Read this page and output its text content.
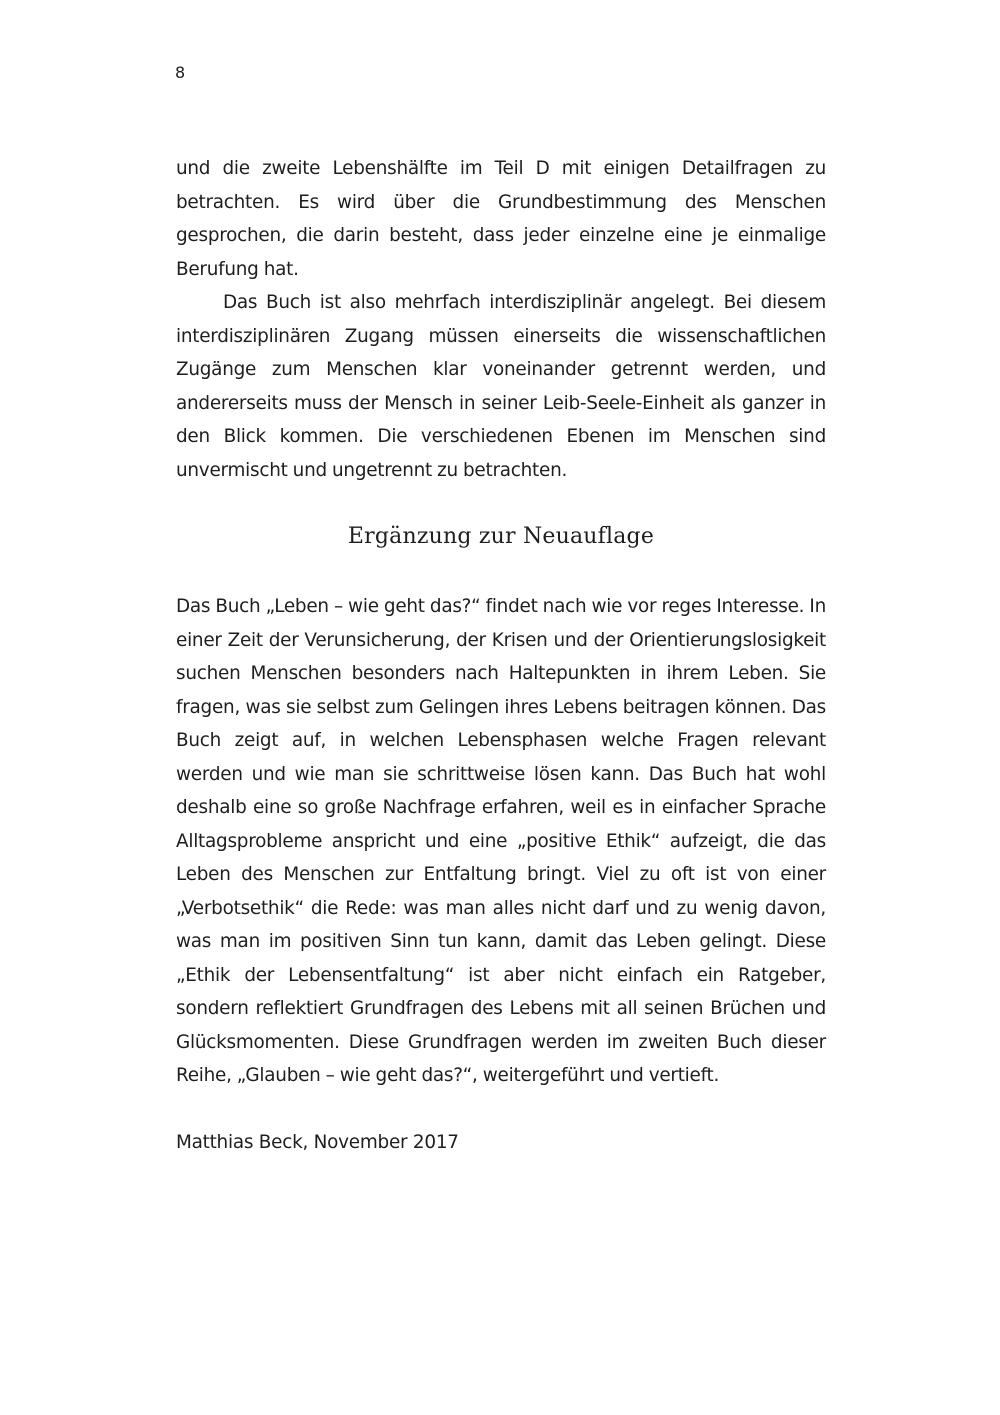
8

und die zweite Lebenshälfte im Teil D mit einigen Detailfragen zu betrachten. Es wird über die Grundbestimmung des Menschen gesprochen, die darin besteht, dass jeder einzelne eine je einmalige Berufung hat.

Das Buch ist also mehrfach interdisziplinär angelegt. Bei diesem interdisziplinären Zugang müssen einerseits die wissenschaftlichen Zugänge zum Menschen klar voneinander getrennt werden, und andererseits muss der Mensch in seiner Leib-Seele-Einheit als ganzer in den Blick kommen. Die verschiedenen Ebenen im Menschen sind unvermischt und ungetrennt zu betrachten.

Ergänzung zur Neuauflage

Das Buch „Leben – wie geht das?“ findet nach wie vor reges Interesse. In einer Zeit der Verunsicherung, der Krisen und der Orientierungslosigkeit suchen Menschen besonders nach Haltepunkten in ihrem Leben. Sie fragen, was sie selbst zum Gelingen ihres Lebens beitragen können. Das Buch zeigt auf, in welchen Lebensphasen welche Fragen relevant werden und wie man sie schrittweise lösen kann. Das Buch hat wohl deshalb eine so große Nachfrage erfahren, weil es in einfacher Sprache Alltagsprobleme anspricht und eine „positive Ethik“ aufzeigt, die das Leben des Menschen zur Entfaltung bringt. Viel zu oft ist von einer „Verbotsethik“ die Rede: was man alles nicht darf und zu wenig davon, was man im positiven Sinn tun kann, damit das Leben gelingt. Diese „Ethik der Lebensentfaltung“ ist aber nicht einfach ein Ratgeber, sondern reflektiert Grundfragen des Lebens mit all seinen Brüchen und Glücksmomenten. Diese Grundfragen werden im zweiten Buch dieser Reihe, „Glauben – wie geht das?“, weitergeführt und vertieft.

Matthias Beck, November 2017
